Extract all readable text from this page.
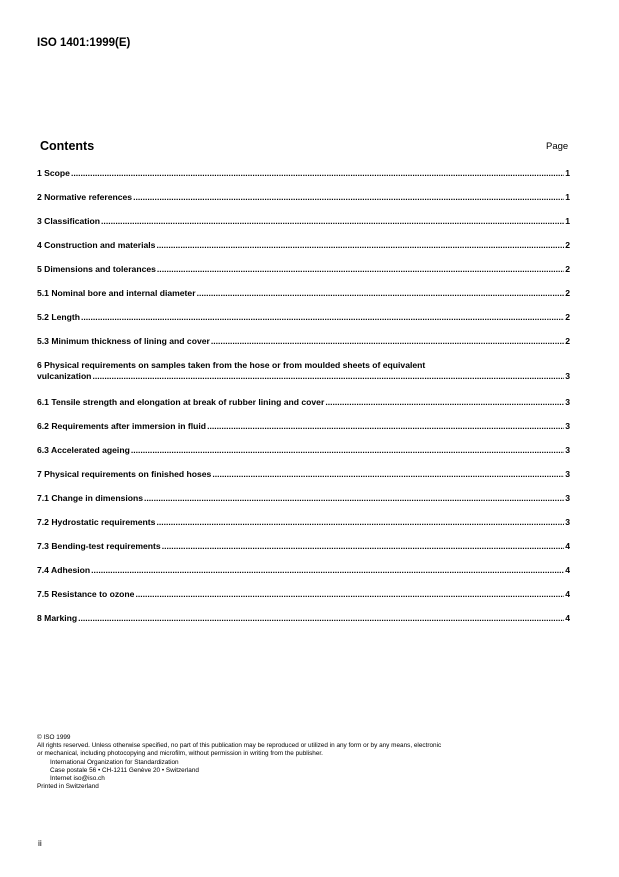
ISO 1401:1999(E)
Contents	Page
1 Scope .....	1
2 Normative references .....	1
3 Classification .....	1
4 Construction and materials .....	2
5 Dimensions and tolerances .....	2
5.1 Nominal bore and internal diameter .....	2
5.2 Length .....	2
5.3 Minimum thickness of lining and cover .....	2
6 Physical requirements on samples taken from the hose or from moulded sheets of equivalent
vulcanization .....	3
6.1 Tensile strength and elongation at break of rubber lining and cover .....	3
6.2 Requirements after immersion in fluid .....	3
6.3 Accelerated ageing .....	3
7 Physical requirements on finished hoses .....	3
7.1 Change in dimensions .....	3
7.2 Hydrostatic requirements .....	3
7.3 Bending-test requirements .....	4
7.4 Adhesion .....	4
7.5 Resistance to ozone .....	4
8 Marking .....	4
© ISO 1999
All rights reserved. Unless otherwise specified, no part of this publication may be reproduced or utilized in any form or by any means, electronic
or mechanical, including photocopying and microfilm, without permission in writing from the publisher.
International Organization for Standardization
Case postale 56 • CH-1211 Genève 20 • Switzerland
Internet iso@iso.ch
Printed in Switzerland
ii
